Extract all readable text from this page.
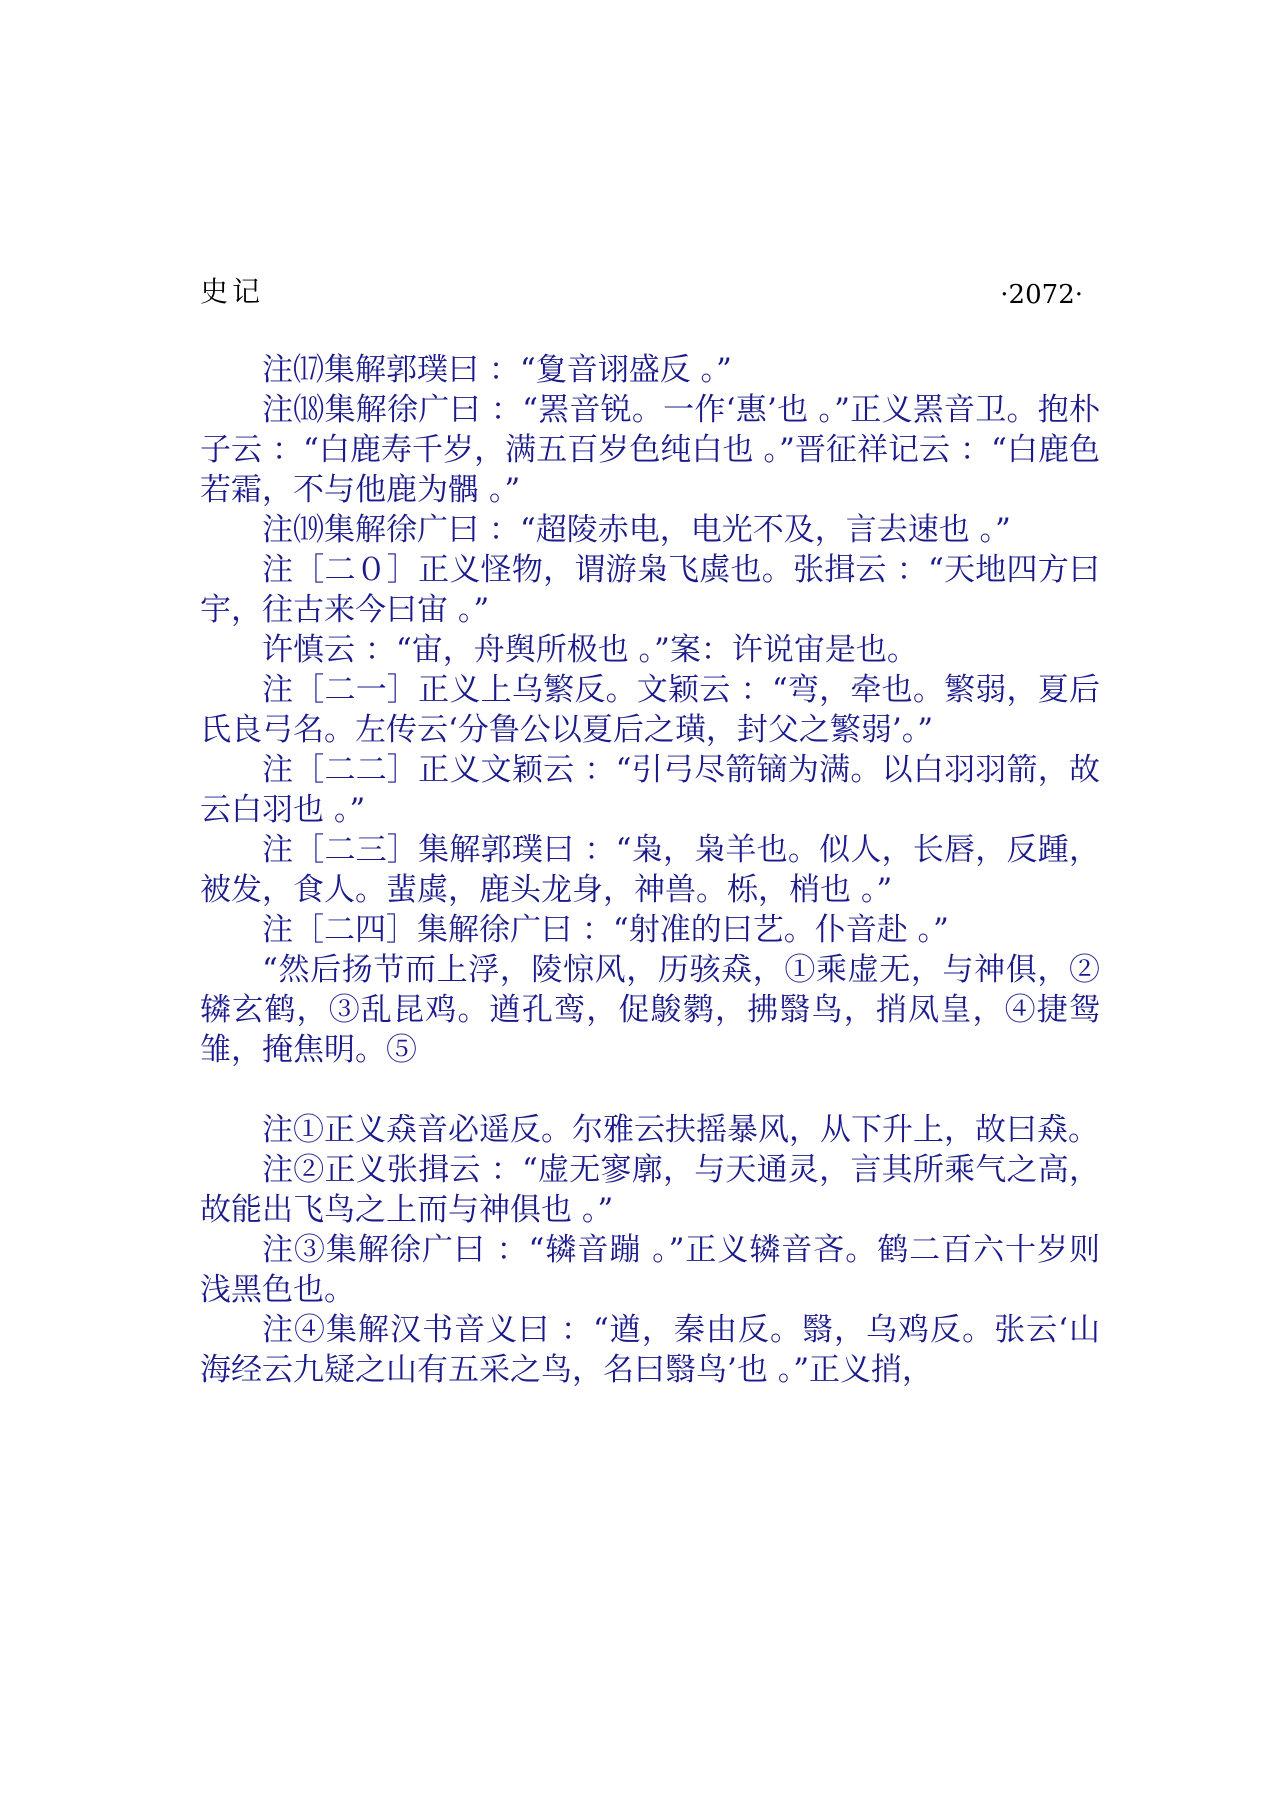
史记	·2072·

注⒄集解郭璞曰 ：“夐音诩盛反 。”

注⒅集解徐广曰 ：“罴音锐。一作‘惠’也 。”正义罴音卫。抱朴子云 ：“白鹿寿千岁，满五百岁色纯白也 。”晋征祥记云 ：“白鹿色若霜，不与他鹿为髃 。”

注⒆集解徐广曰 ：“超陵赤电，电光不及，言去速也 。”

注［二０］正义怪物，谓游枭飞虡也。张揖云 ：“天地四方曰宇，往古来今曰宙 。”

许慎云 ：“宙，舟舆所极也 。”案：许说宙是也。

注［二一］正义上乌繁反。文颖云 ：“弯，牵也。繁弱，夏后氏良弓名。左传云‘分鲁公以夏后之璜，封父之繁弱’。”

注［二二］正义文颖云 ：“引弓尽箭镝为满。以白羽羽箭，故云白羽也 。”

注［二三］集解郭璞曰 ：“枭，枭羊也。似人，长唇，反踵，被发，食人。蜚虡，鹿头龙身，神兽。栎，梢也 。”

注［二四］集解徐广曰 ：“射准的曰艺。仆音赴 。”

“然后扬节而上浮，陵惊风，历骇猋，①乘虚无，与神俱，②辚玄鹤，③乱昆鸡。遒孔鸾，促鵔鹲，拂翳鸟，捎凤皇，④捷鸳雏，掩焦明。⑤

注①正义猋音必遥反。尔雅云扶摇暴风，从下升上，故曰猋。

注②正义张揖云 ：“虚无寥廓，与天通灵，言其所乘气之高，故能出飞鸟之上而与神俱也 。”

注③集解徐广曰 ：“辚音蹦 。”正义辚音吝。鹤二百六十岁则浅黑色也。

注④集解汉书音义曰 ：“遒，秦由反。翳，乌鸡反。张云‘山海经云九疑之山有五采之鸟，名曰翳鸟’也 。”正义捎，
